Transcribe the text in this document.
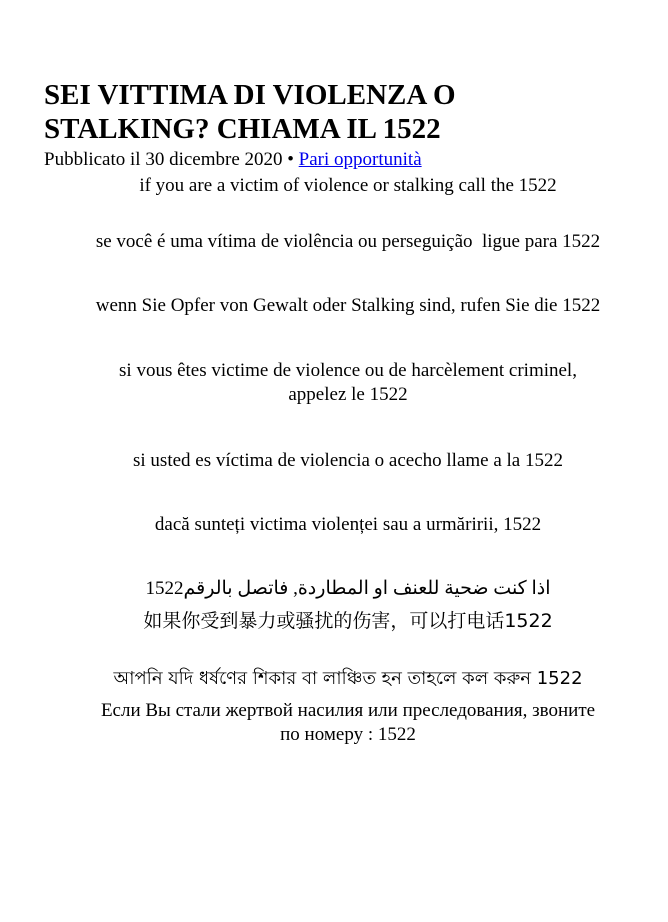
SEI VITTIMA DI VIOLENZA O
STALKING? CHIAMA IL 1522
Pubblicato il 30 dicembre 2020 • Pari opportunità

if you are a victim of violence or stalking call the 1522

se você é uma vítima de violência ou perseguição  ligue para 1522

wenn Sie Opfer von Gewalt oder Stalking sind, rufen Sie die 1522

si vous êtes victime de violence ou de harcèlement criminel,

appelez le 1522

si usted es víctima de violencia o acecho llame a la 1522

dacă sunteți victima violenței sau a urmăririi, 1522

اذا كنت ضحية للعنف او المطاردة, فاتصل بالرقم1522

如果你受到暴力或骚扰的伤害，可以打电话1522

আপনি যদি ধর্ষণের শিকার বা লাঞ্চিত হন তাহলে কল করুন 1522

Если Вы стали жертвой насилия или преследования, звоните

по номеру : 1522
